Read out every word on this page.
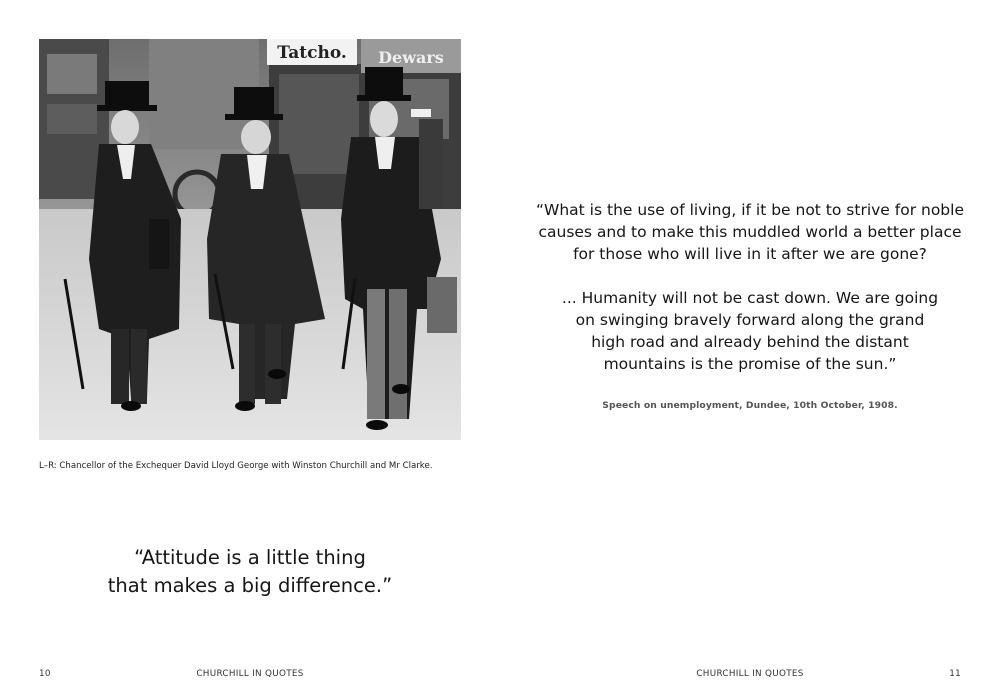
Tatcho. Dewars
L–R: Chancellor of the Exchequer David Lloyd George with Winston Churchill and Mr Clarke.
“Attitude is a little thing
that makes a big difference.”
10	CHURCHILL IN QUOTES
“What is the use of living, if it be not to strive for noble
causes and to make this muddled world a better place
for those who will live in it after we are gone?
... Humanity will not be cast down. We are going
on swinging bravely forward along the grand
high road and already behind the distant
mountains is the promise of the sun.”
Speech on unemployment, Dundee, 10th October, 1908.
CHURCHILL IN QUOTES	11
